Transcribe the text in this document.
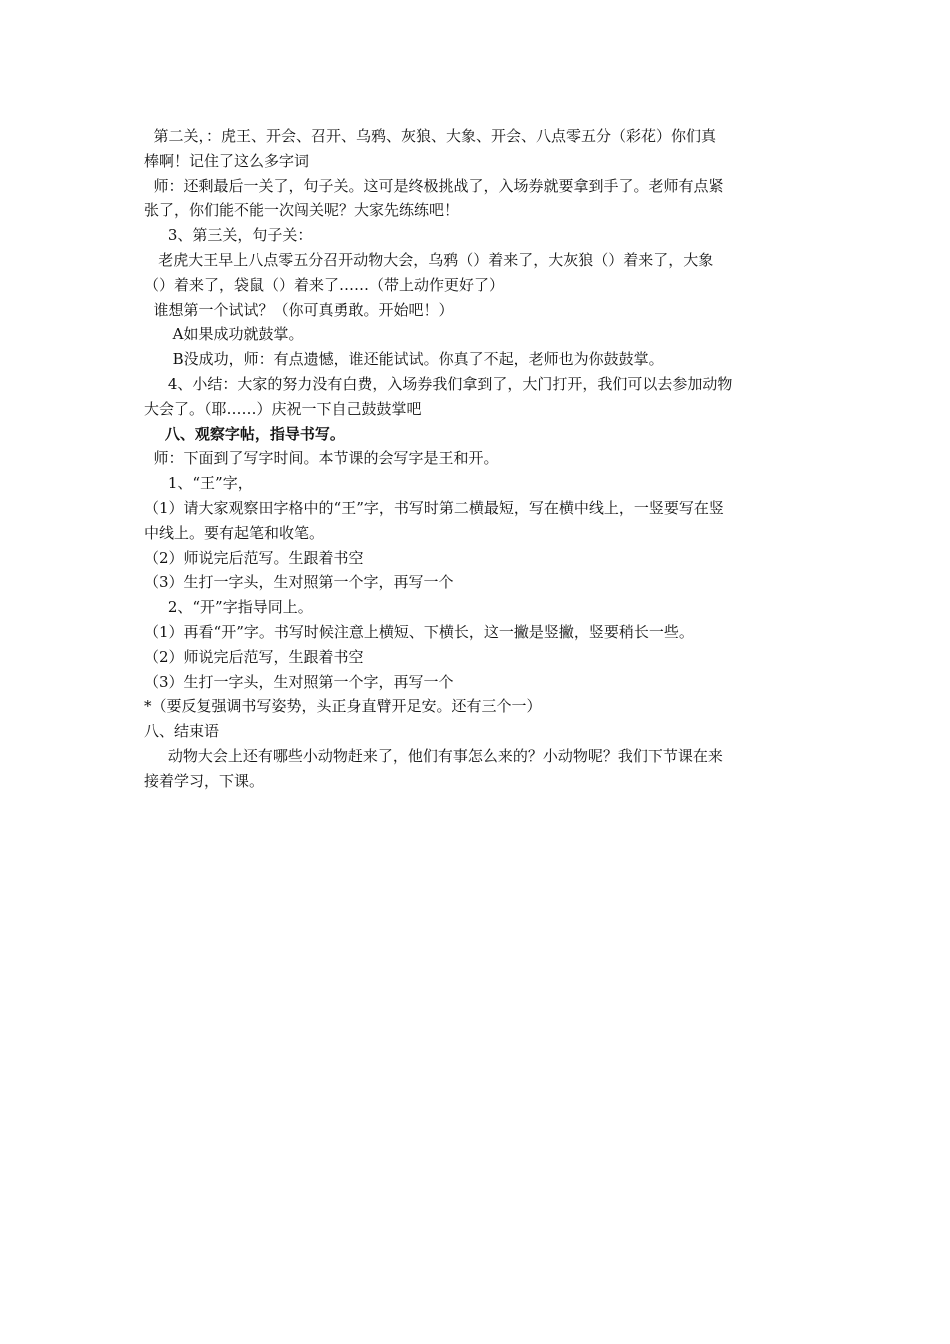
第二关，：虎王、开会、召开、乌鸦、灰狼、大象、开会、八点零五分（彩花）你们真

棒啊！记住了这么多字词

师：还剩最后一关了，句子关。这可是终极挑战了，入场券就要拿到手了。老师有点紧

张了，你们能不能一次闯关呢？大家先练练吧！

3、第三关，句子关：

老虎大王早上八点零五分召开动物大会，乌鸦（）着来了，大灰狼（）着来了，大象

（）着来了，袋鼠（）着来了……（带上动作更好了）

谁想第一个试试？（你可真勇敢。开始吧！）

A如果成功就鼓掌。

B没成功，师：有点遗憾，谁还能试试。你真了不起，老师也为你鼓鼓掌。

4、小结：大家的努力没有白费，入场券我们拿到了，大门打开，我们可以去参加动物

大会了。（耶……）庆祝一下自己鼓鼓掌吧

八、观察字帖，指导书写。

师：下面到了写字时间。本节课的会写字是王和开。

1、“王”字，

（1）请大家观察田字格中的“王”字，书写时第二横最短，写在横中线上，一竖要写在竖

中线上。要有起笔和收笔。

（2）师说完后范写。生跟着书空

（3）生打一字头，生对照第一个字，再写一个

2、“开”字指导同上。

（1）再看“开”字。书写时候注意上横短、下横长，这一撇是竖撇，竖要稍长一些。

（2）师说完后范写，生跟着书空

（3）生打一字头，生对照第一个字，再写一个

*（要反复强调书写姿势，头正身直臂开足安。还有三个一）

八、结束语

动物大会上还有哪些小动物赶来了，他们有事怎么来的？小动物呢？我们下节课在来

接着学习，下课。
